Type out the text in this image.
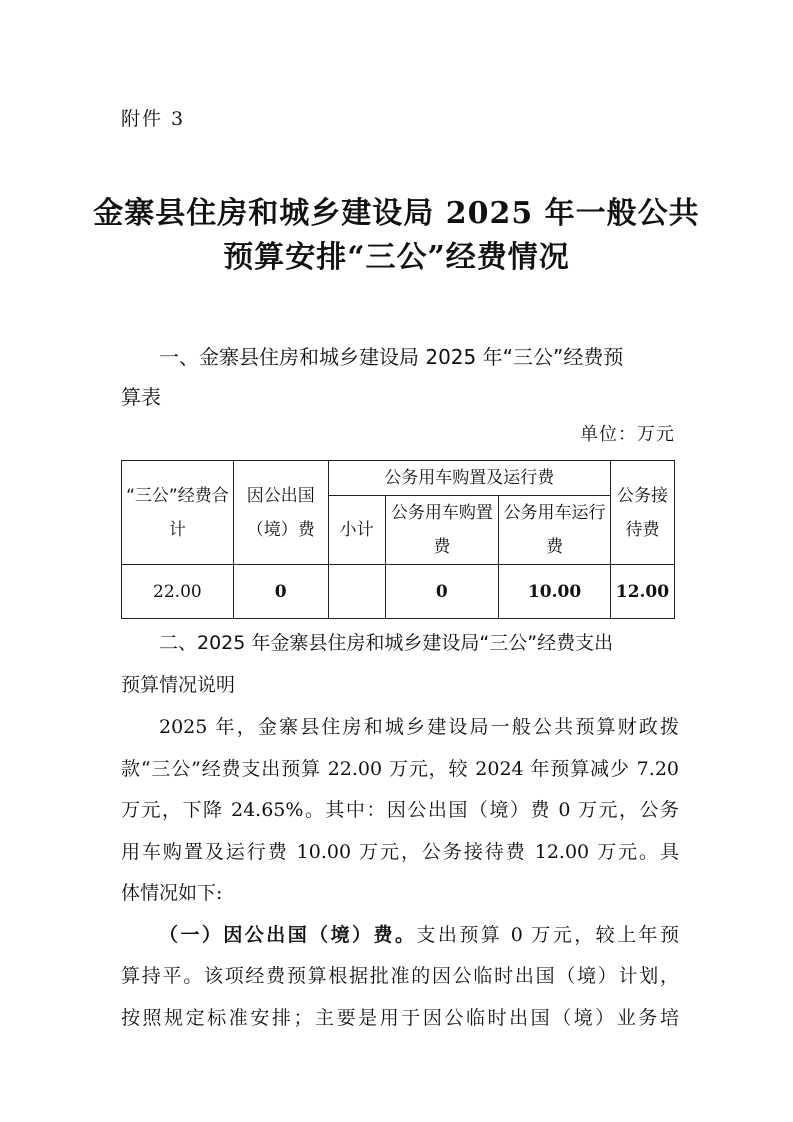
附件 3
金寨县住房和城乡建设局 2025 年一般公共
预算安排“三公”经费情况
一、金寨县住房和城乡建设局 2025 年“三公”经费预
算表
单位：万元
“三公”经费合计	因公出国（境）费	公务用车购置及运行费			公务接待费
		小计	公务用车购置费	公务用车运行费	
22.00	0		0	10.00	12.00
二、2025 年金寨县住房和城乡建设局“三公”经费支出
预算情况说明

2025 年，金寨县住房和城乡建设局一般公共预算财政拨
款“三公”经费支出预算 22.00 万元，较 2024 年预算减少 7.20
万元，下降 24.65%。其中：因公出国（境）费 0 万元，公务
用车购置及运行费 10.00 万元，公务接待费 12.00 万元。具
体情况如下:

（一）因公出国（境）费。支出预算 0 万元，较上年预
算持平。该项经费预算根据批准的因公临时出国（境）计划，
按照规定标准安排；主要是用于因公临时出国（境）业务培
